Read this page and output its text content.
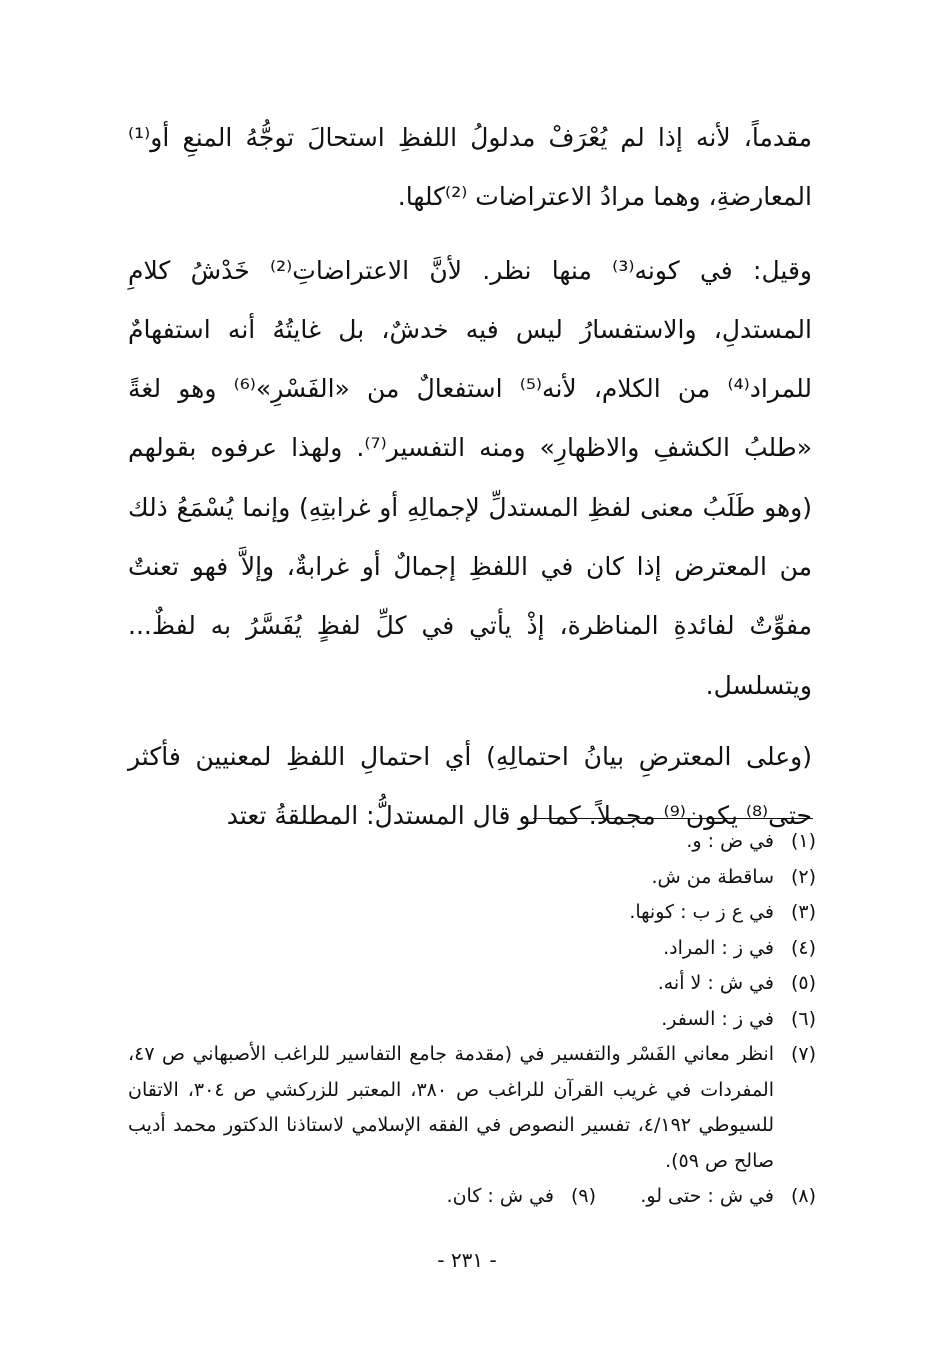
مقدماً، لأنه إذا لم يُعْرَفْ مدلولُ اللفظِ استحالَ توجُّهُ المنعِ أو⁽¹⁾ المعارضةِ، وهما مرادُ الاعتراضات ⁽²⁾كلها.

وقيل: في كونه⁽³⁾ منها نظر. لأنَّ الاعتراضاتِ⁽²⁾ خَدْشُ كلامِ المستدلِ، والاستفسارُ ليس فيه خدشٌ، بل غايتُهُ أنه استفهامٌ للمراد⁽⁴⁾ من الكلام، لأنه⁽⁵⁾ استفعالٌ من «الفَسْرِ»⁽⁶⁾ وهو لغةً «طلبُ الكشفِ والاظهارِ» ومنه التفسير⁽⁷⁾. ولهذا عرفوه بقولهم (وهو طَلَبُ معنى لفظِ المستدلِّ لإجمالِهِ أو غرابتِهِ) وإنما يُسْمَعُ ذلك من المعترض إذا كان في اللفظِ إجمالٌ أو غرابةٌ، وإلاَّ فهو تعنتٌ مفوِّتٌ لفائدةِ المناظرة، إذْ يأتي في كلِّ لفظٍ يُفَسَّرُ به لفظٌ... ويتسلسل.

(وعلى المعترضِ بيانُ احتمالِهِ) أي احتمالِ اللفظِ لمعنيين فأكثر حتى⁽⁸⁾ يكون⁽⁹⁾ مجملاً. كما لو قال المستدلُّ: المطلقةُ تعتد

(١)
في ض : و.
(٢)
ساقطة من ش.
(٣)
في ع ز ب : كونها.
(٤)
في ز : المراد.
(٥)
في ش : لا أنه.
(٦)
في ز : السفر.
(٧)
انظر معاني الفَسْر والتفسير في (مقدمة جامع التفاسير للراغب الأصبهاني ص ٤٧، المفردات في غريب القرآن للراغب ص ٣٨٠، المعتبر للزركشي ص ٣٠٤، الاتقان للسيوطي ٤/١٩٢، تفسير النصوص في الفقه الإسلامي لاستاذنا الدكتور محمد أديب صالح ص ٥٩).
(٨)
في ش : حتى لو.
(٩)
في ش : كان.
- ٢٣١ -
